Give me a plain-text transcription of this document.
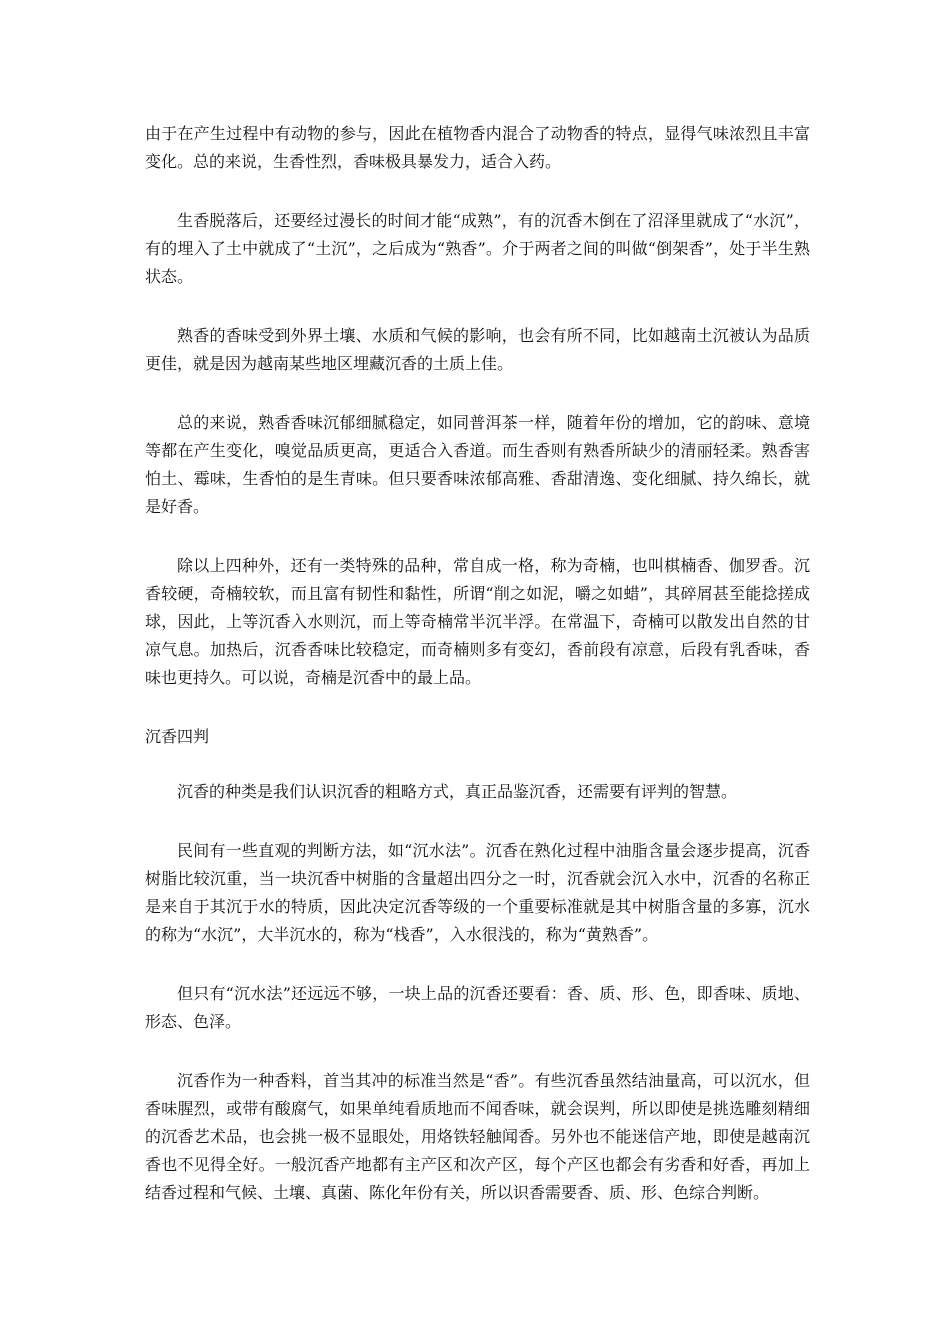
由于在产生过程中有动物的参与，因此在植物香内混合了动物香的特点，显得气味浓烈且丰富变化。总的来说，生香性烈，香味极具暴发力，适合入药。

生香脱落后，还要经过漫长的时间才能“成熟”，有的沉香木倒在了沼泽里就成了“水沉”，有的埋入了土中就成了“土沉”，之后成为“熟香”。介于两者之间的叫做“倒架香”，处于半生熟状态。

熟香的香味受到外界土壤、水质和气候的影响，也会有所不同，比如越南土沉被认为品质更佳，就是因为越南某些地区埋藏沉香的土质上佳。

总的来说，熟香香味沉郁细腻稳定，如同普洱茶一样，随着年份的增加，它的韵味、意境等都在产生变化，嗅觉品质更高，更适合入香道。而生香则有熟香所缺少的清丽轻柔。熟香害怕土、霉味，生香怕的是生青味。但只要香味浓郁高雅、香甜清逸、变化细腻、持久绵长，就是好香。

除以上四种外，还有一类特殊的品种，常自成一格，称为奇楠，也叫棋楠香、伽罗香。沉香较硬，奇楠较软，而且富有韧性和黏性，所谓“削之如泥，嚼之如蜡”，其碎屑甚至能捻搓成球，因此，上等沉香入水则沉，而上等奇楠常半沉半浮。在常温下，奇楠可以散发出自然的甘凉气息。加热后，沉香香味比较稳定，而奇楠则多有变幻，香前段有凉意，后段有乳香味，香味也更持久。可以说，奇楠是沉香中的最上品。

沉香四判

沉香的种类是我们认识沉香的粗略方式，真正品鉴沉香，还需要有评判的智慧。

民间有一些直观的判断方法，如“沉水法”。沉香在熟化过程中油脂含量会逐步提高，沉香树脂比较沉重，当一块沉香中树脂的含量超出四分之一时，沉香就会沉入水中，沉香的名称正是来自于其沉于水的特质，因此决定沉香等级的一个重要标准就是其中树脂含量的多寡，沉水的称为“水沉”，大半沉水的，称为“栈香”，入水很浅的，称为“黄熟香”。

但只有“沉水法”还远远不够，一块上品的沉香还要看：香、质、形、色，即香味、质地、形态、色泽。

沉香作为一种香料，首当其冲的标准当然是“香”。有些沉香虽然结油量高，可以沉水，但香味腥烈，或带有酸腐气，如果单纯看质地而不闻香味，就会误判，所以即使是挑选雕刻精细的沉香艺术品，也会挑一极不显眼处，用烙铁轻触闻香。另外也不能迷信产地，即使是越南沉香也不见得全好。一般沉香产地都有主产区和次产区，每个产区也都会有劣香和好香，再加上结香过程和气候、土壤、真菌、陈化年份有关，所以识香需要香、质、形、色综合判断。
